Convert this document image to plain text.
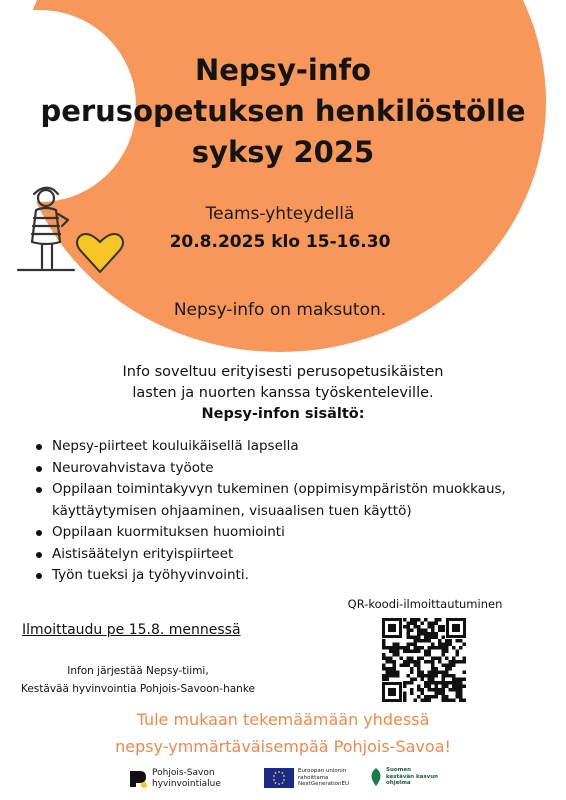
Nepsy-info
perusopetuksen henkilöstölle
syksy 2025
Teams-yhteydellä
20.8.2025 klo 15-16.30
Nepsy-info on maksuton.
Info soveltuu erityisesti perusopetusikäisten
lasten ja nuorten kanssa työskenteleville.
Nepsy-infon sisältö:
Nepsy-piirteet kouluikäisellä lapsella
Neurovahvistava työote
Oppilaan toimintakyvyn tukeminen (oppimisympäristön muokkaus, käyttäytymisen ohjaaminen, visuaalisen tuen käyttö)
Oppilaan kuormituksen huomiointi
Aistisäätelyn erityispiirteet
Työn tueksi ja työhyvinvointi.
QR-koodi-ilmoittautuminen
Ilmoittaudu pe 15.8. mennessä
Infon järjestää Nepsy-tiimi,
Kestävää hyvinvointia Pohjois-Savoon-hanke
Tule mukaan tekemäämään yhdessä
nepsy-ymmärtäväisempää Pohjois-Savoa!
Pohjois-Savon
hyvinvointialue
Euroopan unionin
rahoittama
NextGenerationEU
Suomen
kestävän kasvun
ohjelma
